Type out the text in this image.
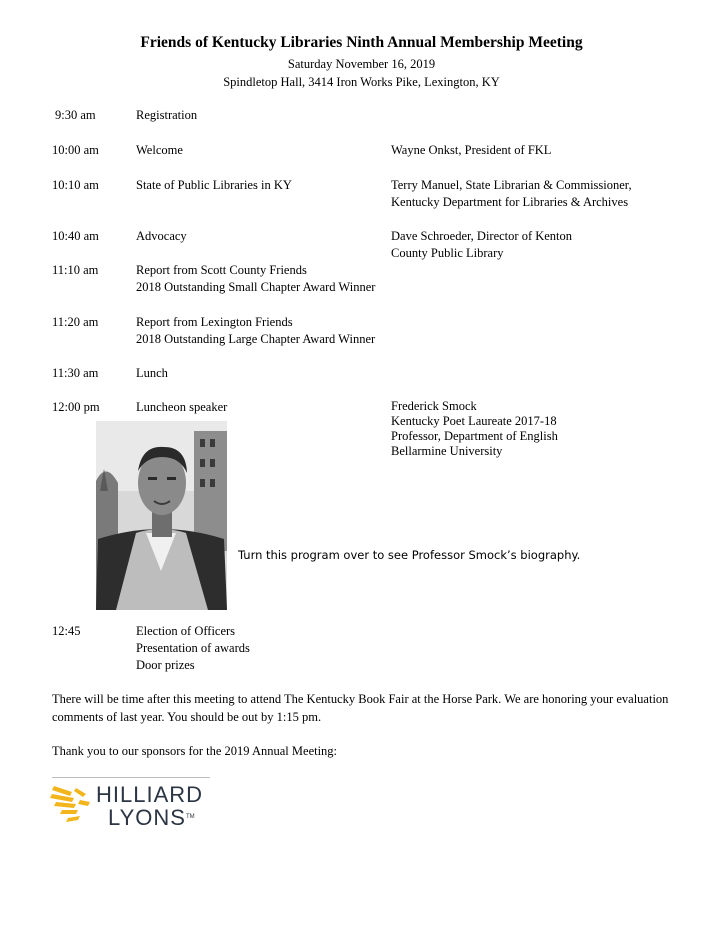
Friends of Kentucky Libraries Ninth Annual Membership Meeting
Saturday November 16, 2019
Spindletop Hall, 3414 Iron Works Pike, Lexington, KY
9:30 am	Registration
10:00 am	Welcome	Wayne Onkst, President of FKL
10:10 am	State of Public Libraries in KY	Terry Manuel, State Librarian & Commissioner,
Kentucky Department for Libraries & Archives
10:40 am	Advocacy	Dave Schroeder, Director of Kenton
County Public Library
11:10 am	Report from Scott County Friends
2018 Outstanding Small Chapter Award Winner
11:20 am	Report from Lexington Friends
2018 Outstanding Large Chapter Award Winner
11:30 am	Lunch
12:00 pm	Luncheon speaker	Frederick Smock
Kentucky Poet Laureate 2017-18
Professor, Department of English
Bellarmine University
Turn this program over to see Professor Smock’s biography.
12:45	Election of Officers
Presentation of awards
Door prizes
There will be time after this meeting to attend The Kentucky Book Fair at the Horse Park. We are honoring your evaluation comments of last year. You should be out by 1:15 pm.
Thank you to our sponsors for the 2019 Annual Meeting:
HILLIARD
LYONS TM
